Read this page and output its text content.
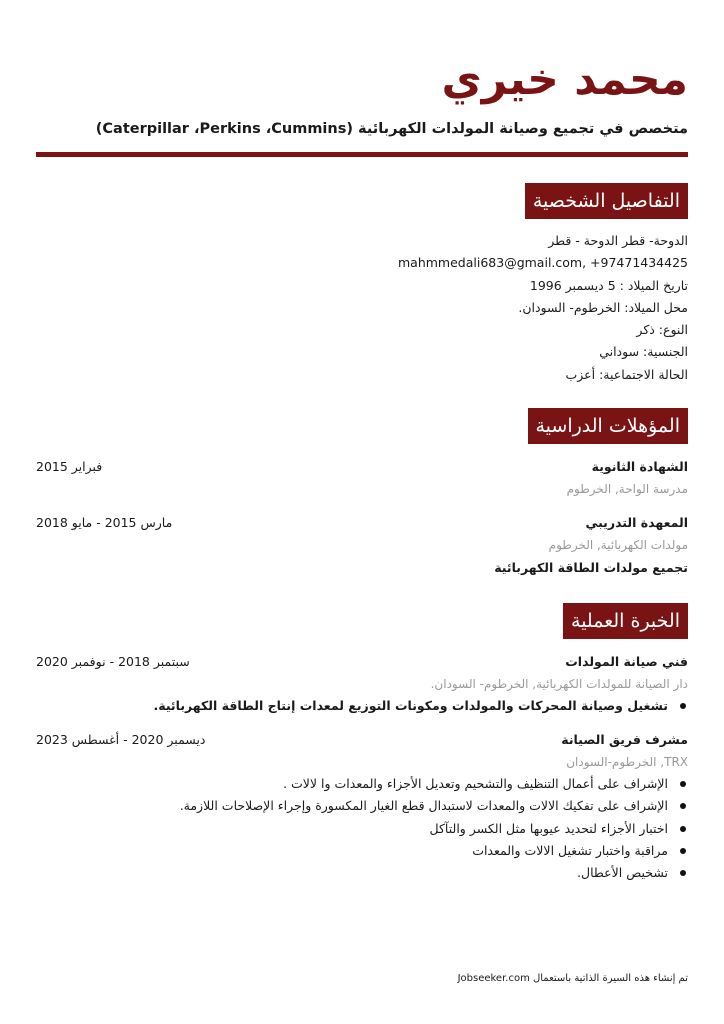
محمد خيري

متخصص في تجميع وصيانة المولدات الكهربائية (Caterpillar ،Perkins ،Cummins)

التفاصيل الشخصية
الدوحة- قطر الدوحة - قطر
97471434425+ ,mahmmedali683@gmail.com
تاريخ الميلاد : 5 ديسمبر 1996
محل الميلاد: الخرطوم- السودان.
النوع: ذكر
الجنسية: سوداني
الحالة الاجتماعية: أعزب
المؤهلات الدراسية
الشهادة الثانوية
فبراير 2015
مدرسة الواحة, الخرطوم
المعهدة التدريبي
مارس 2015 - مايو 2018
مولدات الكهربائية, الخرطوم
تجميع مولدات الطاقة الكهربائية
الخبرة العملية
فني صيانة المولدات
سبتمبر 2018 - نوفمبر 2020
دار الصيانة للمولدات الكهربائية, الخرطوم- السودان.
تشغيل وصيانة المحركات والمولدات ومكونات التوزيع لمعدات إنتاج الطاقة الكهربائية.
مشرف فريق الصيانة
ديسمبر 2020 - أغسطس 2023
TRX, الخرطوم-السودان
الإشراف على أعمال التنظيف والتشحيم وتعديل الأجزاء والمعدات وا لالات .
الإشراف على تفكيك الالات والمعدات لاستبدال قطع الغيار المكسورة وإجراء الإصلاحات اللازمة.
اختبار الأجزاء لتحديد عيوبها مثل الكسر والتآكل
مراقبة واختبار تشغيل الالات والمعدات
تشخيص الأعطال.
تم إنشاء هذه السيرة الذاتية باستعمال Jobseeker.com
